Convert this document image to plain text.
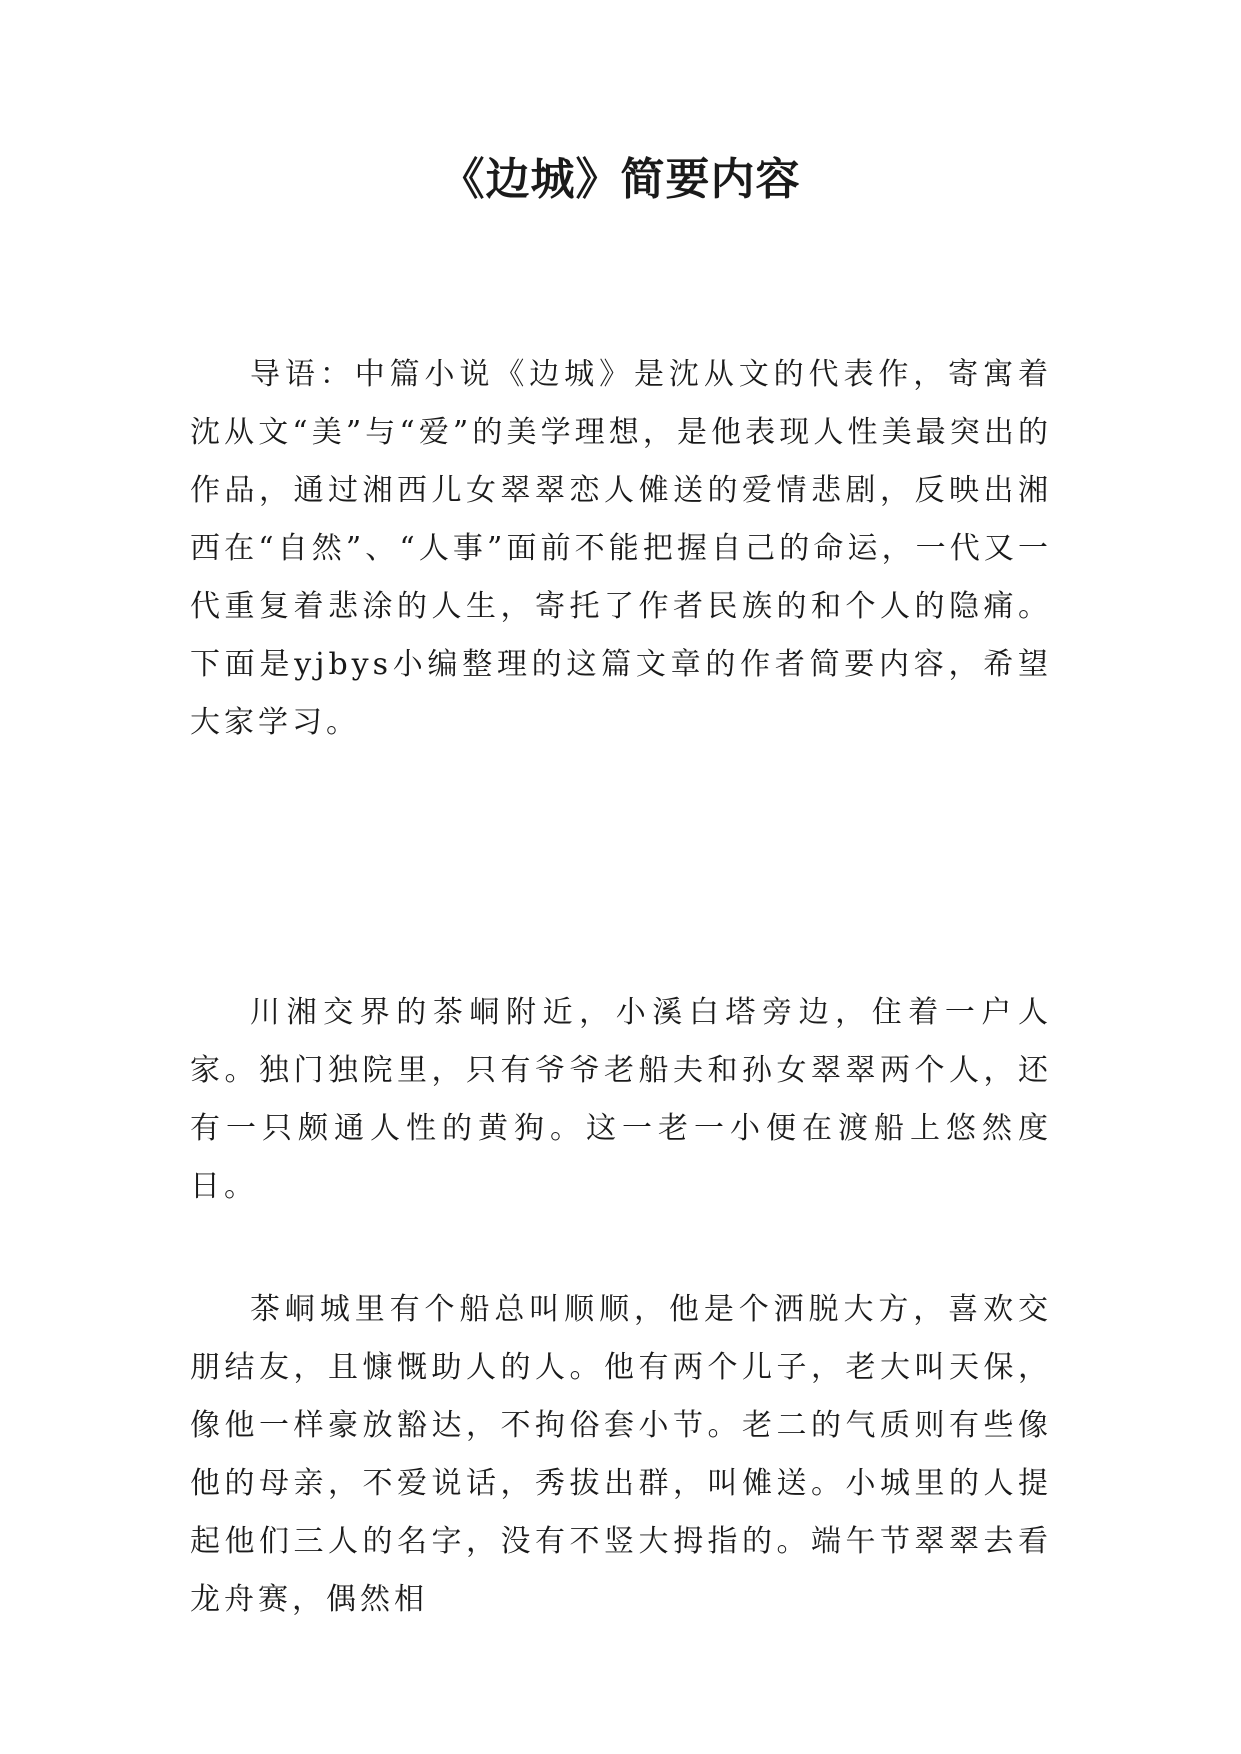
《边城》简要内容

导语：中篇小说《边城》是沈从文的代表作，寄寓着沈从文“美”与“爱”的美学理想，是他表现人性美最突出的作品，通过湘西儿女翠翠恋人傩送的爱情悲剧，反映出湘西在“自然”、“人事”面前不能把握自己的命运，一代又一代重复着悲涂的人生，寄托了作者民族的和个人的隐痛。下面是yjbys小编整理的这篇文章的作者简要内容，希望大家学习。

川湘交界的茶峒附近，小溪白塔旁边，住着一户人家。独门独院里，只有爷爷老船夫和孙女翠翠两个人，还有一只颇通人性的黄狗。这一老一小便在渡船上悠然度日。

茶峒城里有个船总叫顺顺，他是个洒脱大方，喜欢交朋结友，且慷慨助人的人。他有两个儿子，老大叫天保，像他一样豪放豁达，不拘俗套小节。老二的气质则有些像他的母亲，不爱说话，秀拔出群，叫傩送。小城里的人提起他们三人的名字，没有不竖大拇指的。端午节翠翠去看龙舟赛，偶然相
